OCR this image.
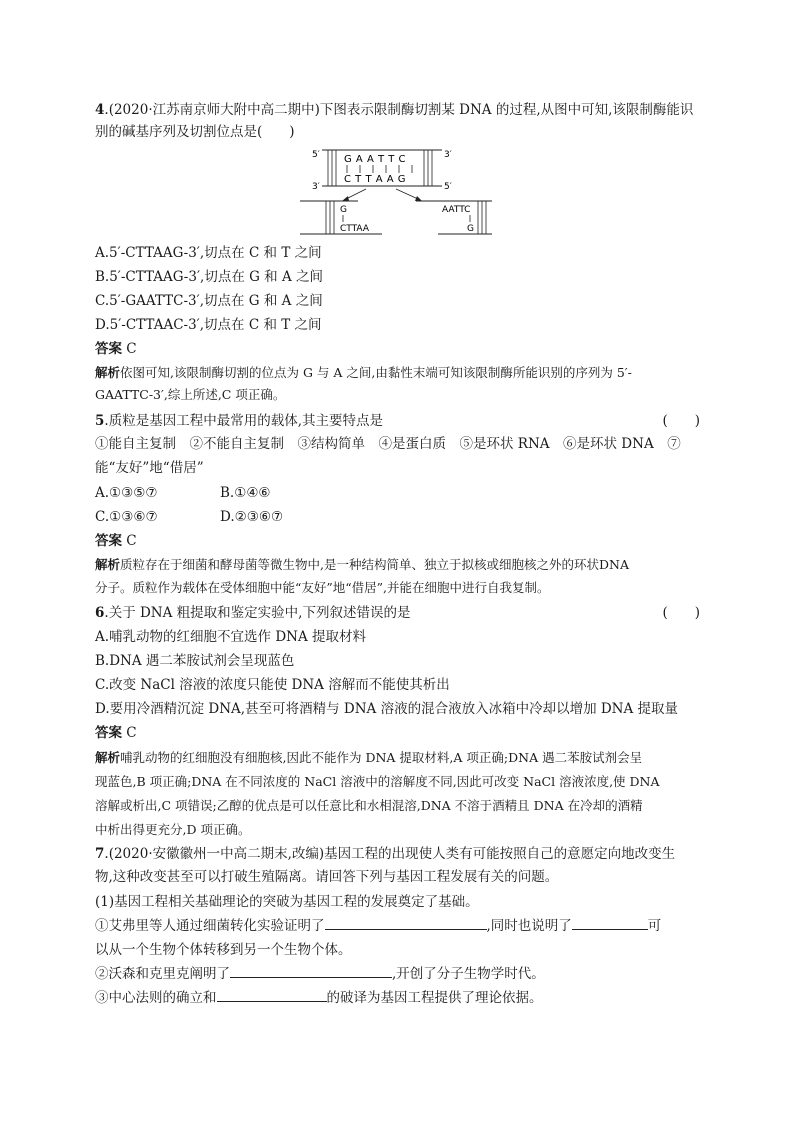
4.(2020·江苏南京师大附中高二期中)下图表示限制酶切割某 DNA 的过程,从图中可知,该限制酶能识
别的碱基序列及切割位点是(　　)
5′	3′
3′	5′
G A A T T C
C T T A A G
G
CTTAA
AATTC
G
A.5′-CTTAAG-3′,切点在 C 和 T 之间
B.5′-CTTAAG-3′,切点在 G 和 A 之间
C.5′-GAATTC-3′,切点在 G 和 A 之间
D.5′-CTTAAC-3′,切点在 C 和 T 之间
答案 C
解析依图可知,该限制酶切割的位点为 G 与 A 之间,由黏性末端可知该限制酶所能识别的序列为 5′-
GAATTC-3′,综上所述,C 项正确。
5.质粒是基因工程中最常用的载体,其主要特点是	(　　)
①能自主复制　②不能自主复制　③结构简单　④是蛋白质　⑤是环状 RNA　⑥是环状 DNA　⑦
能“友好”地“借居”
A.①③⑤⑦	B.①④⑥
C.①③⑥⑦	D.②③⑥⑦
答案 C
解析质粒存在于细菌和酵母菌等微生物中,是一种结构简单、独立于拟核或细胞核之外的环状DNA
分子。质粒作为载体在受体细胞中能“友好”地“借居”,并能在细胞中进行自我复制。
6.关于 DNA 粗提取和鉴定实验中,下列叙述错误的是	(　　)
A.哺乳动物的红细胞不宜选作 DNA 提取材料
B.DNA 遇二苯胺试剂会呈现蓝色
C.改变 NaCl 溶液的浓度只能使 DNA 溶解而不能使其析出
D.要用冷酒精沉淀 DNA,甚至可将酒精与 DNA 溶液的混合液放入冰箱中冷却以增加 DNA 提取量
答案 C
解析哺乳动物的红细胞没有细胞核,因此不能作为 DNA 提取材料,A 项正确;DNA 遇二苯胺试剂会呈
现蓝色,B 项正确;DNA 在不同浓度的 NaCl 溶液中的溶解度不同,因此可改变 NaCl 溶液浓度,使 DNA
溶解或析出,C 项错误;乙醇的优点是可以任意比和水相混溶,DNA 不溶于酒精且 DNA 在冷却的酒精
中析出得更充分,D 项正确。
7.(2020·安徽徽州一中高二期末,改编)基因工程的出现使人类有可能按照自己的意愿定向地改变生
物,这种改变甚至可以打破生殖隔离。请回答下列与基因工程发展有关的问题。
(1)基因工程相关基础理论的突破为基因工程的发展奠定了基础。
①艾弗里等人通过细菌转化实验证明了	,同时也说明了	可
以从一个生物个体转移到另一个生物个体。
②沃森和克里克阐明了	,开创了分子生物学时代。
③中心法则的确立和	的破译为基因工程提供了理论依据。
